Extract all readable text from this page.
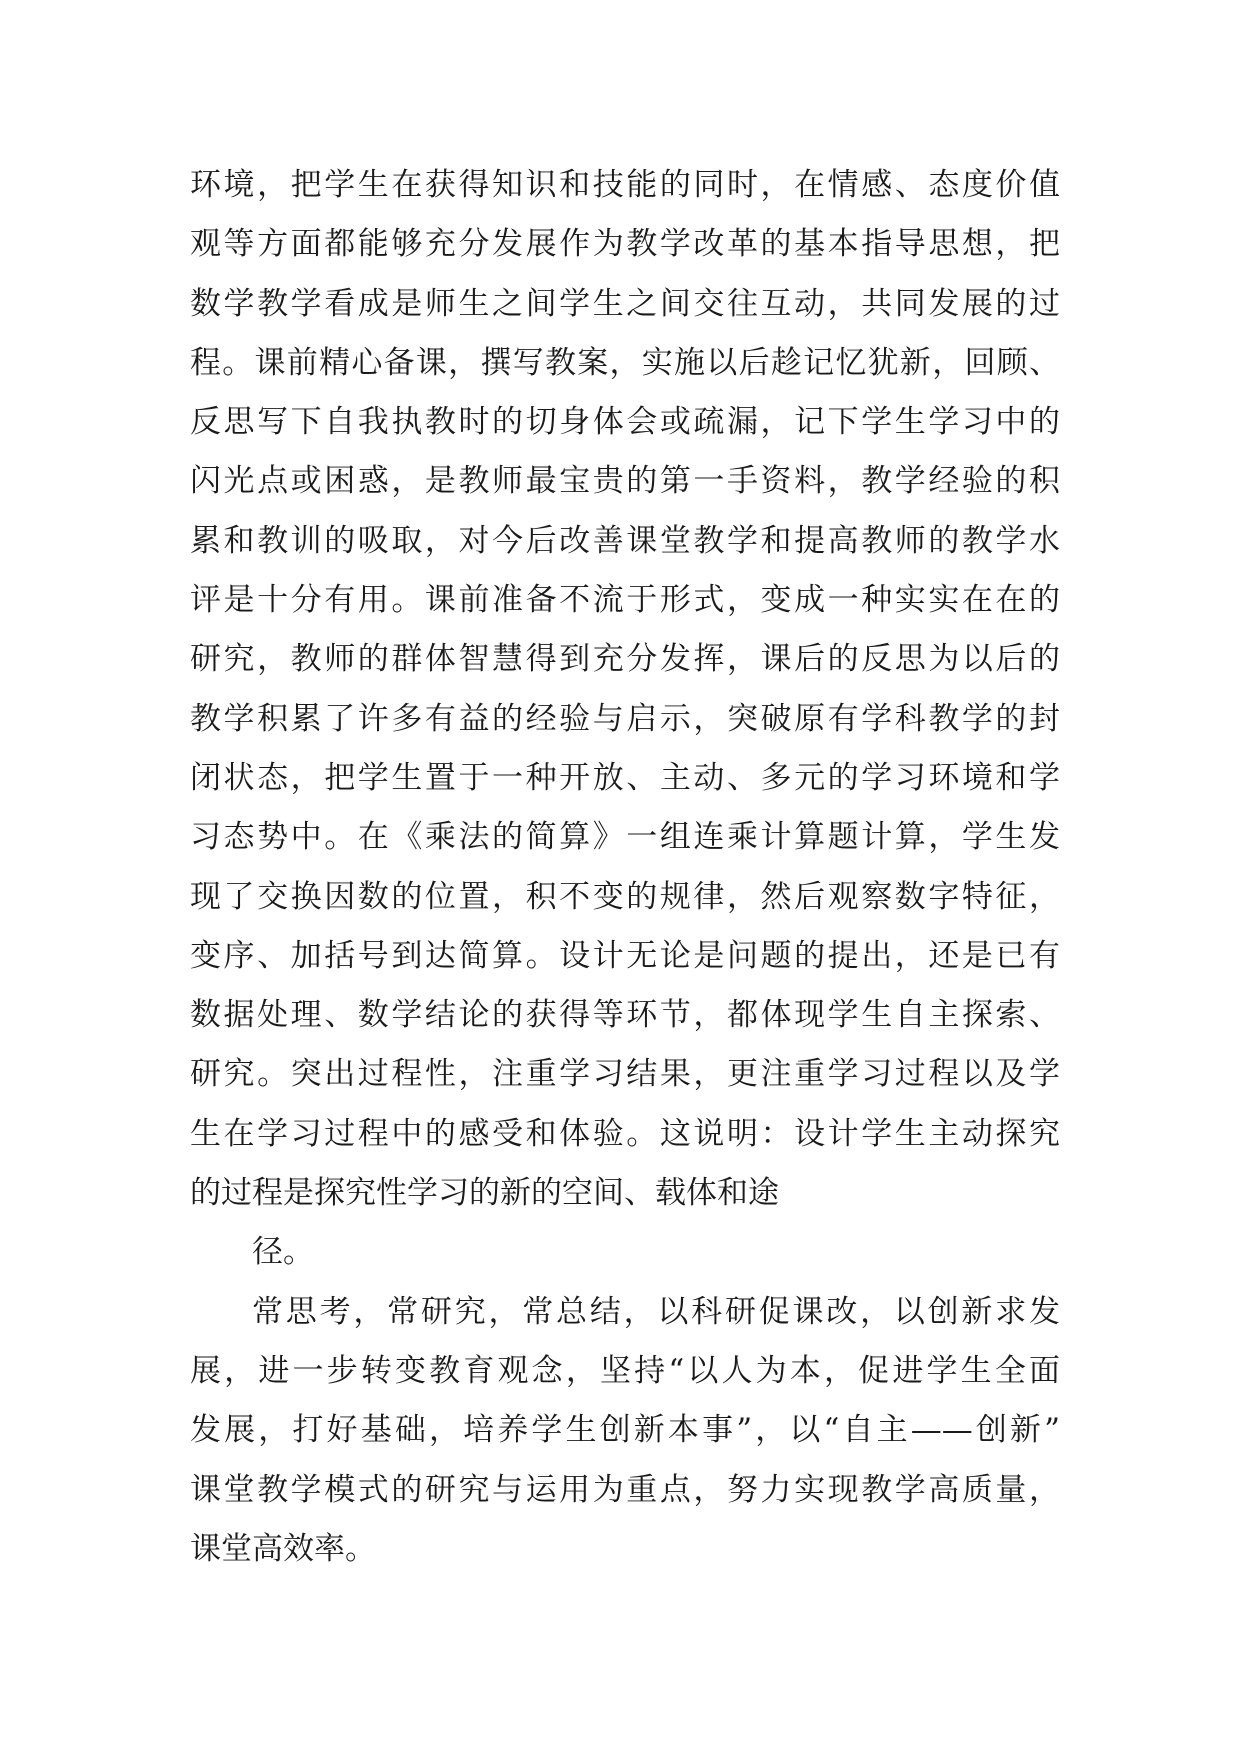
环境，把学生在获得知识和技能的同时，在情感、态度价值
观等方面都能够充分发展作为教学改革的基本指导思想，把
数学教学看成是师生之间学生之间交往互动，共同发展的过
程。课前精心备课，撰写教案，实施以后趁记忆犹新，回顾、
反思写下自我执教时的切身体会或疏漏，记下学生学习中的
闪光点或困惑，是教师最宝贵的第一手资料，教学经验的积
累和教训的吸取，对今后改善课堂教学和提高教师的教学水
评是十分有用。课前准备不流于形式，变成一种实实在在的
研究，教师的群体智慧得到充分发挥，课后的反思为以后的
教学积累了许多有益的经验与启示，突破原有学科教学的封
闭状态，把学生置于一种开放、主动、多元的学习环境和学
习态势中。在《乘法的简算》一组连乘计算题计算，学生发
现了交换因数的位置，积不变的规律，然后观察数字特征，
变序、加括号到达简算。设计无论是问题的提出，还是已有
数据处理、数学结论的获得等环节，都体现学生自主探索、
研究。突出过程性，注重学习结果，更注重学习过程以及学
生在学习过程中的感受和体验。这说明：设计学生主动探究
的过程是探究性学习的新的空间、载体和途
径。
常思考，常研究，常总结，以科研促课改，以创新求发
展，进一步转变教育观念，坚持“以人为本，促进学生全面
发展，打好基础，培养学生创新本事”，以“自主——创新”
课堂教学模式的研究与运用为重点，努力实现教学高质量，
课堂高效率。
